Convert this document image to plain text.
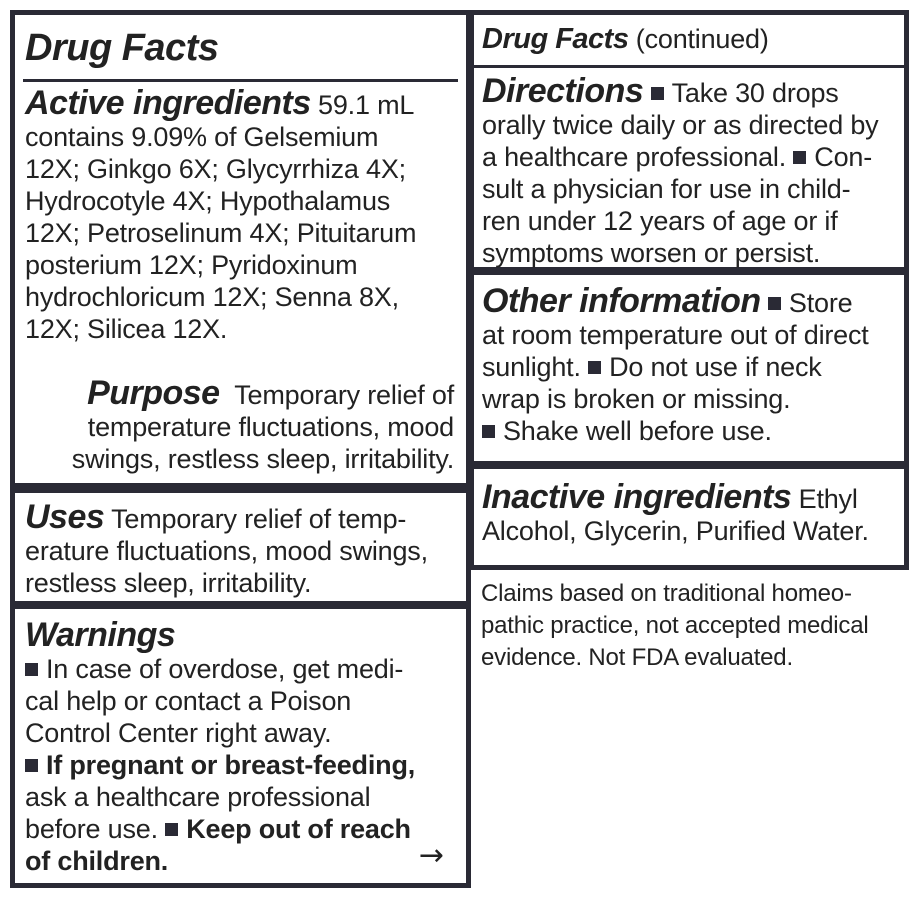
Drug Facts

Active ingredients 59.1 mL

contains 9.09% of Gelsemium

12X; Ginkgo 6X; Glycyrrhiza 4X;

Hydrocotyle 4X; Hypothalamus

12X; Petroselinum 4X; Pituitarum

posterium 12X; Pyridoxinum

hydrochloricum 12X; Senna 8X,

12X; Silicea 12X.

Purpose Temporary relief of

temperature fluctuations, mood

swings, restless sleep, irritability.

Uses Temporary relief of temp-

erature fluctuations, mood swings,

restless sleep, irritability.

Warnings

In case of overdose, get medi-

cal help or contact a Poison

Control Center right away.

If pregnant or breast-feeding,

ask a healthcare professional

before use. Keep out of reach

of children.	→
Drug Facts (continued)

Directions Take 30 drops

orally twice daily or as directed by

a healthcare professional. Con-

sult a physician for use in child-

ren under 12 years of age or if

symptoms worsen or persist.

Other information Store

at room temperature out of direct

sunlight. Do not use if neck

wrap is broken or missing.

Shake well before use.

Inactive ingredients Ethyl

Alcohol, Glycerin, Purified Water.

Claims based on traditional homeo-

pathic practice, not accepted medical

evidence. Not FDA evaluated.
